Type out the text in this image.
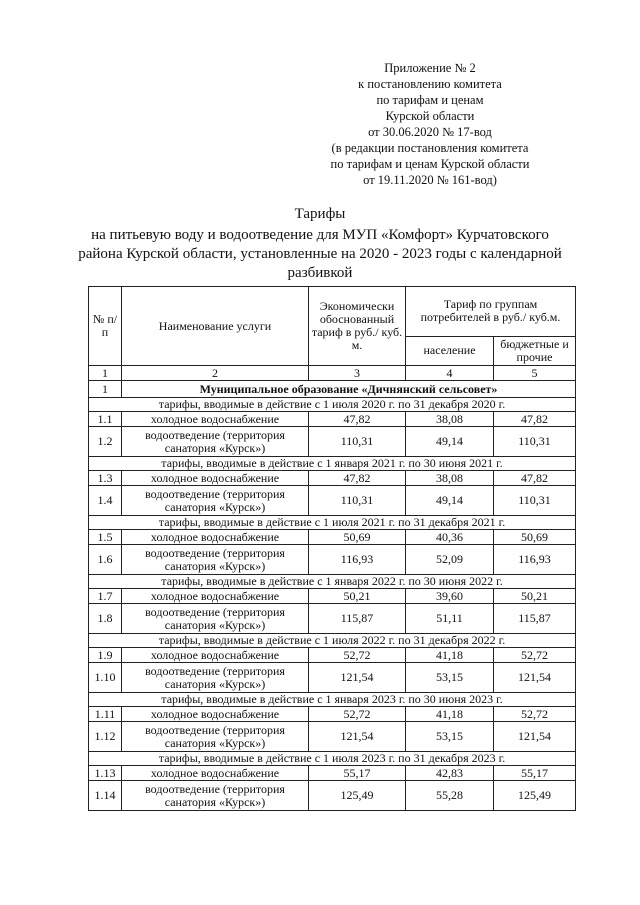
Приложение № 2
к постановлению комитета
по тарифам и ценам
Курской области
от 30.06.2020 № 17-вод
(в редакции постановления комитета
по тарифам и ценам Курской области
от 19.11.2020 № 161-вод)
Тарифы
на питьевую воду и водоотведение для МУП «Комфорт» Курчатовского
района Курской области, установленные на 2020 - 2023 годы с календарной
разбивкой
№ п/п	Наименование услуги	Экономически обоснованный тариф в руб./ куб. м.	Тариф по группам потребителей в руб./ куб.м.	
			население	бюджетные и прочие
1	2	3	4	5
1	Муниципальное образование «Дичнянский сельсовет»			
тарифы, вводимые в действие с 1 июля 2020 г. по 31 декабря 2020 г.				
1.1	холодное водоснабжение	47,82	38,08	47,82
1.2	водоотведение (территория санатория «Курск»)	110,31	49,14	110,31
тарифы, вводимые в действие с 1 января 2021 г. по 30 июня 2021 г.				
1.3	холодное водоснабжение	47,82	38,08	47,82
1.4	водоотведение (территория санатория «Курск»)	110,31	49,14	110,31
тарифы, вводимые в действие с 1 июля 2021 г. по 31 декабря 2021 г.				
1.5	холодное водоснабжение	50,69	40,36	50,69
1.6	водоотведение (территория санатория «Курск»)	116,93	52,09	116,93
тарифы, вводимые в действие с 1 января 2022 г. по 30 июня 2022 г.				
1.7	холодное водоснабжение	50,21	39,60	50,21
1.8	водоотведение (территория санатория «Курск»)	115,87	51,11	115,87
тарифы, вводимые в действие с 1 июля 2022 г. по 31 декабря 2022 г.				
1.9	холодное водоснабжение	52,72	41,18	52,72
1.10	водоотведение (территория санатория «Курск»)	121,54	53,15	121,54
тарифы, вводимые в действие с 1 января 2023 г. по 30 июня 2023 г.				
1.11	холодное водоснабжение	52,72	41,18	52,72
1.12	водоотведение (территория санатория «Курск»)	121,54	53,15	121,54
тарифы, вводимые в действие с 1 июля 2023 г. по 31 декабря 2023 г.				
1.13	холодное водоснабжение	55,17	42,83	55,17
1.14	водоотведение (территория санатория «Курск»)	125,49	55,28	125,49
